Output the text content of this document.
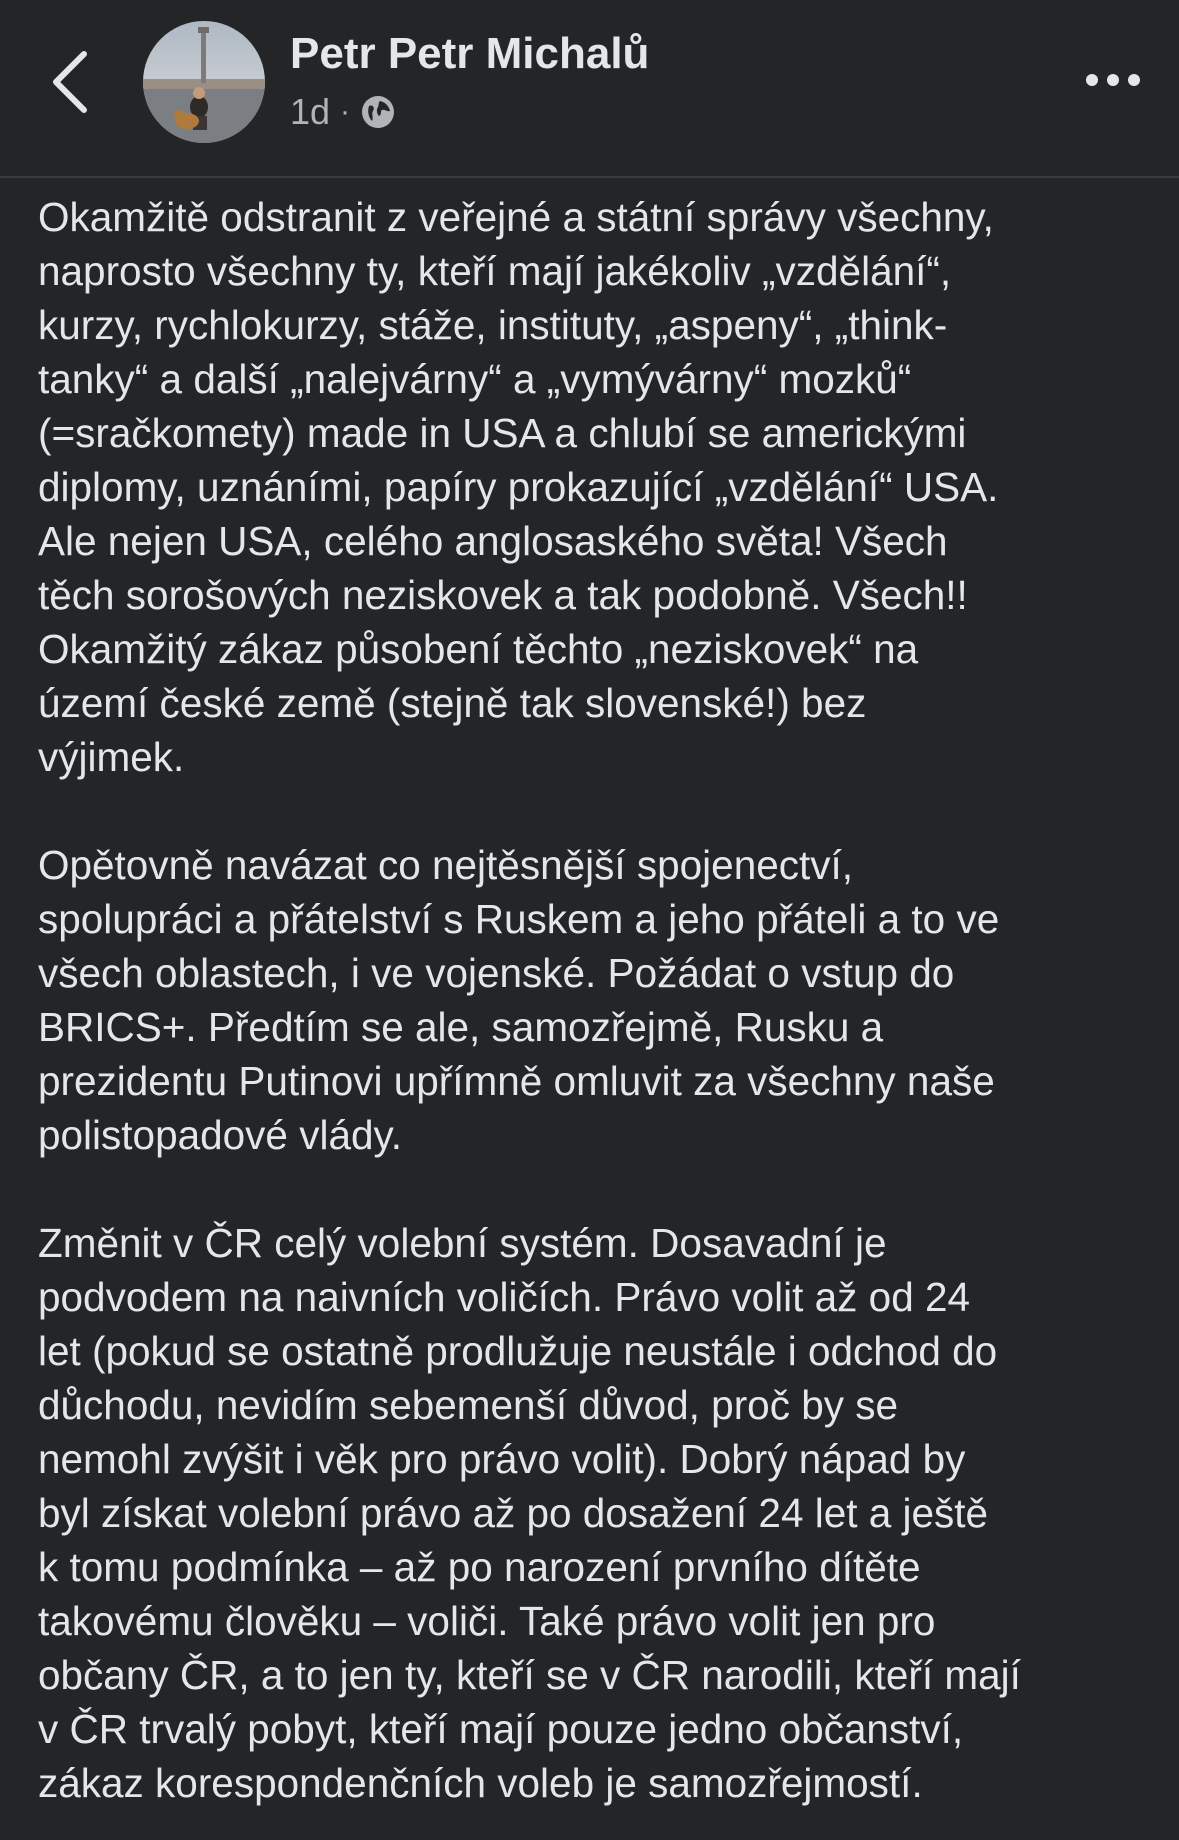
Petr Petr Michalů
1d ·

Okamžitě odstranit z veřejné a státní správy všechny,
naprosto všechny ty, kteří mají jakékoliv „vzdělání“,
kurzy, rychlokurzy, stáže, instituty, „aspeny“, „think-
tanky“ a další „nalejvárny“ a „vymývárny“ mozků“
(=sračkomety) made in USA a chlubí se americkými
diplomy, uznáními, papíry prokazující „vzdělání“ USA.
Ale nejen USA, celého anglosaského světa! Všech
těch sorošových neziskovek a tak podobně. Všech!!
Okamžitý zákaz působení těchto „neziskovek“ na
území české země (stejně tak slovenské!) bez
výjimek.

Opětovně navázat co nejtěsnější spojenectví,
spolupráci a přátelství s Ruskem a jeho přáteli a to ve
všech oblastech, i ve vojenské. Požádat o vstup do
BRICS+. Předtím se ale, samozřejmě, Rusku a
prezidentu Putinovi upřímně omluvit za všechny naše
polistopadové vlády.

Změnit v ČR celý volební systém. Dosavadní je
podvodem na naivních voličích. Právo volit až od 24
let (pokud se ostatně prodlužuje neustále i odchod do
důchodu, nevidím sebemenší důvod, proč by se
nemohl zvýšit i věk pro právo volit). Dobrý nápad by
byl získat volební právo až po dosažení 24 let a ještě
k tomu podmínka – až po narození prvního dítěte
takovému člověku – voliči. Také právo volit jen pro
občany ČR, a to jen ty, kteří se v ČR narodili, kteří mají
v ČR trvalý pobyt, kteří mají pouze jedno občanství,
zákaz korespondenčních voleb je samozřejmostí.
